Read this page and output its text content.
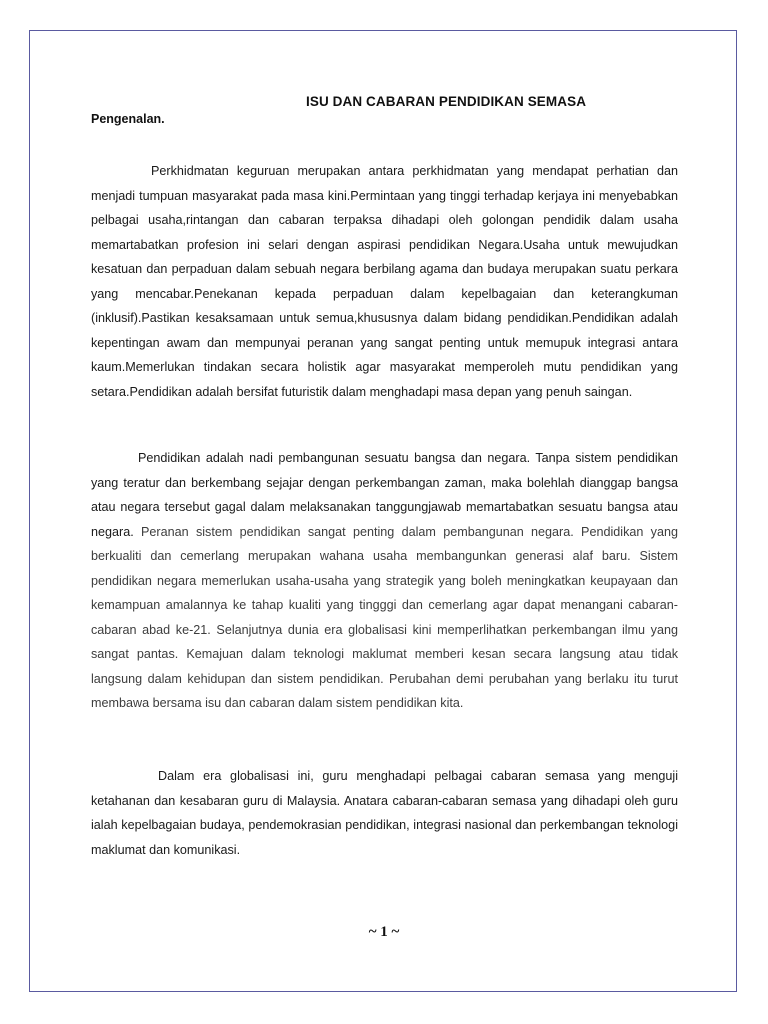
ISU DAN CABARAN PENDIDIKAN SEMASA
Pengenalan.

Perkhidmatan keguruan merupakan antara perkhidmatan yang mendapat perhatian dan menjadi tumpuan masyarakat pada masa kini.Permintaan yang tinggi terhadap kerjaya ini menyebabkan pelbagai usaha,rintangan dan cabaran terpaksa dihadapi oleh golongan pendidik dalam usaha memartabatkan profesion ini selari dengan aspirasi pendidikan Negara.Usaha untuk mewujudkan kesatuan dan perpaduan dalam sebuah negara berbilang agama dan budaya merupakan suatu perkara yang mencabar.Penekanan kepada perpaduan dalam kepelbagaian dan keterangkuman (inklusif).Pastikan kesaksamaan untuk semua,khususnya dalam bidang pendidikan.Pendidikan adalah kepentingan awam dan mempunyai peranan yang sangat penting untuk memupuk integrasi antara kaum.Memerlukan tindakan secara holistik agar masyarakat memperoleh mutu pendidikan yang setara.Pendidikan adalah bersifat futuristik dalam menghadapi masa depan yang penuh saingan.

Pendidikan adalah nadi pembangunan sesuatu bangsa dan negara. Tanpa sistem pendidikan yang teratur dan berkembang sejajar dengan perkembangan zaman, maka bolehlah dianggap bangsa atau negara tersebut gagal dalam melaksanakan tanggungjawab memartabatkan sesuatu bangsa atau negara. Peranan sistem pendidikan sangat penting dalam pembangunan negara. Pendidikan yang berkualiti dan cemerlang merupakan wahana usaha membangunkan generasi alaf baru. Sistem pendidikan negara memerlukan usaha-usaha yang strategik yang boleh meningkatkan keupayaan dan kemampuan amalannya ke tahap kualiti yang tingggi dan cemerlang agar dapat menangani cabaran-cabaran abad ke-21. Selanjutnya dunia era globalisasi kini memperlihatkan perkembangan ilmu yang sangat pantas. Kemajuan dalam teknologi maklumat memberi kesan secara langsung atau tidak langsung dalam kehidupan dan sistem pendidikan. Perubahan demi perubahan yang berlaku itu turut membawa bersama isu dan cabaran dalam sistem pendidikan kita.

Dalam era globalisasi ini, guru menghadapi pelbagai cabaran semasa yang menguji ketahanan dan kesabaran guru di Malaysia. Anatara cabaran-cabaran semasa yang dihadapi oleh guru ialah kepelbagaian budaya, pendemokrasian pendidikan, integrasi nasional dan perkembangan teknologi maklumat dan komunikasi.

~ 1 ~
